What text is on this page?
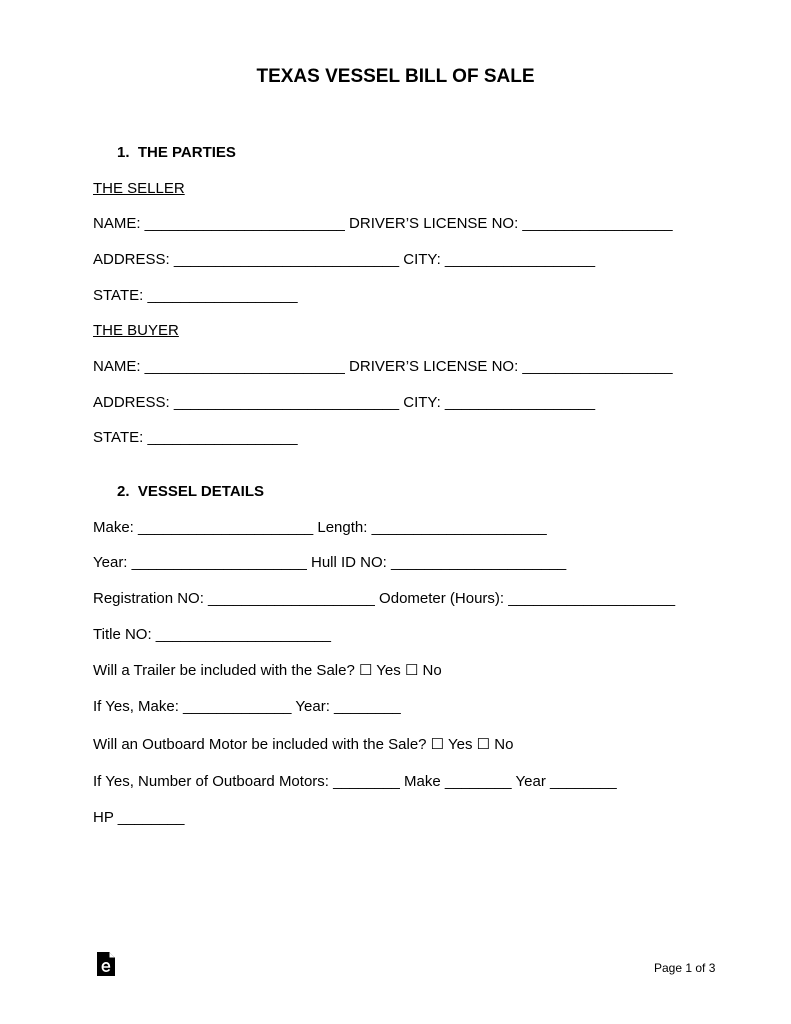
TEXAS VESSEL BILL OF SALE
1.  THE PARTIES
THE SELLER
NAME: ________________________ DRIVER’S LICENSE NO: __________________
ADDRESS: ___________________________ CITY: __________________
STATE: __________________
THE BUYER
NAME: ________________________ DRIVER’S LICENSE NO: __________________
ADDRESS: ___________________________ CITY: __________________
STATE: __________________
2.  VESSEL DETAILS
Make: _____________________ Length: _____________________
Year: _____________________ Hull ID NO: _____________________
Registration NO: ____________________ Odometer (Hours): ____________________
Title NO: _____________________
Will a Trailer be included with the Sale? ☐ Yes ☐ No
If Yes, Make: _____________ Year: ________
Will an Outboard Motor be included with the Sale? ☐ Yes ☐ No
If Yes, Number of Outboard Motors: ________ Make ________ Year ________
HP ________
Page 1 of 3
